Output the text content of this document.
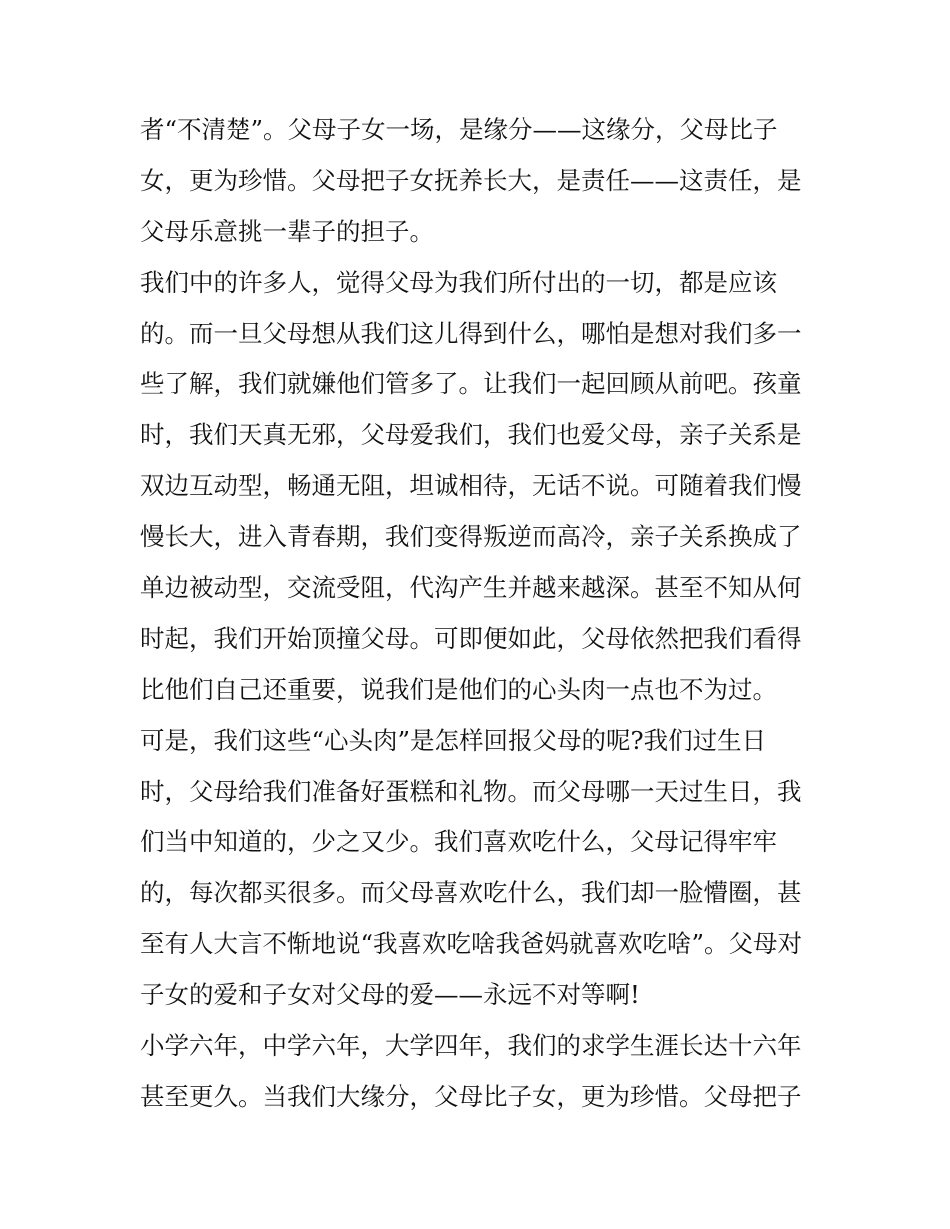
者“不清楚”。父母子女一场，是缘分——这缘分，父母比子
女，更为珍惜。父母把子女抚养长大，是责任——这责任，是
父母乐意挑一辈子的担子。
我们中的许多人，觉得父母为我们所付出的一切，都是应该
的。而一旦父母想从我们这儿得到什么，哪怕是想对我们多一
些了解，我们就嫌他们管多了。让我们一起回顾从前吧。孩童
时，我们天真无邪，父母爱我们，我们也爱父母，亲子关系是
双边互动型，畅通无阻，坦诚相待，无话不说。可随着我们慢
慢长大，进入青春期，我们变得叛逆而高冷，亲子关系换成了
单边被动型，交流受阻，代沟产生并越来越深。甚至不知从何
时起，我们开始顶撞父母。可即便如此，父母依然把我们看得
比他们自己还重要，说我们是他们的心头肉一点也不为过。
可是，我们这些“心头肉”是怎样回报父母的呢?我们过生日
时，父母给我们准备好蛋糕和礼物。而父母哪一天过生日，我
们当中知道的，少之又少。我们喜欢吃什么，父母记得牢牢
的，每次都买很多。而父母喜欢吃什么，我们却一脸懵圈，甚
至有人大言不惭地说“我喜欢吃啥我爸妈就喜欢吃啥”。父母对
子女的爱和子女对父母的爱——永远不对等啊!
小学六年，中学六年，大学四年，我们的求学生涯长达十六年
甚至更久。当我们大缘分，父母比子女，更为珍惜。父母把子
